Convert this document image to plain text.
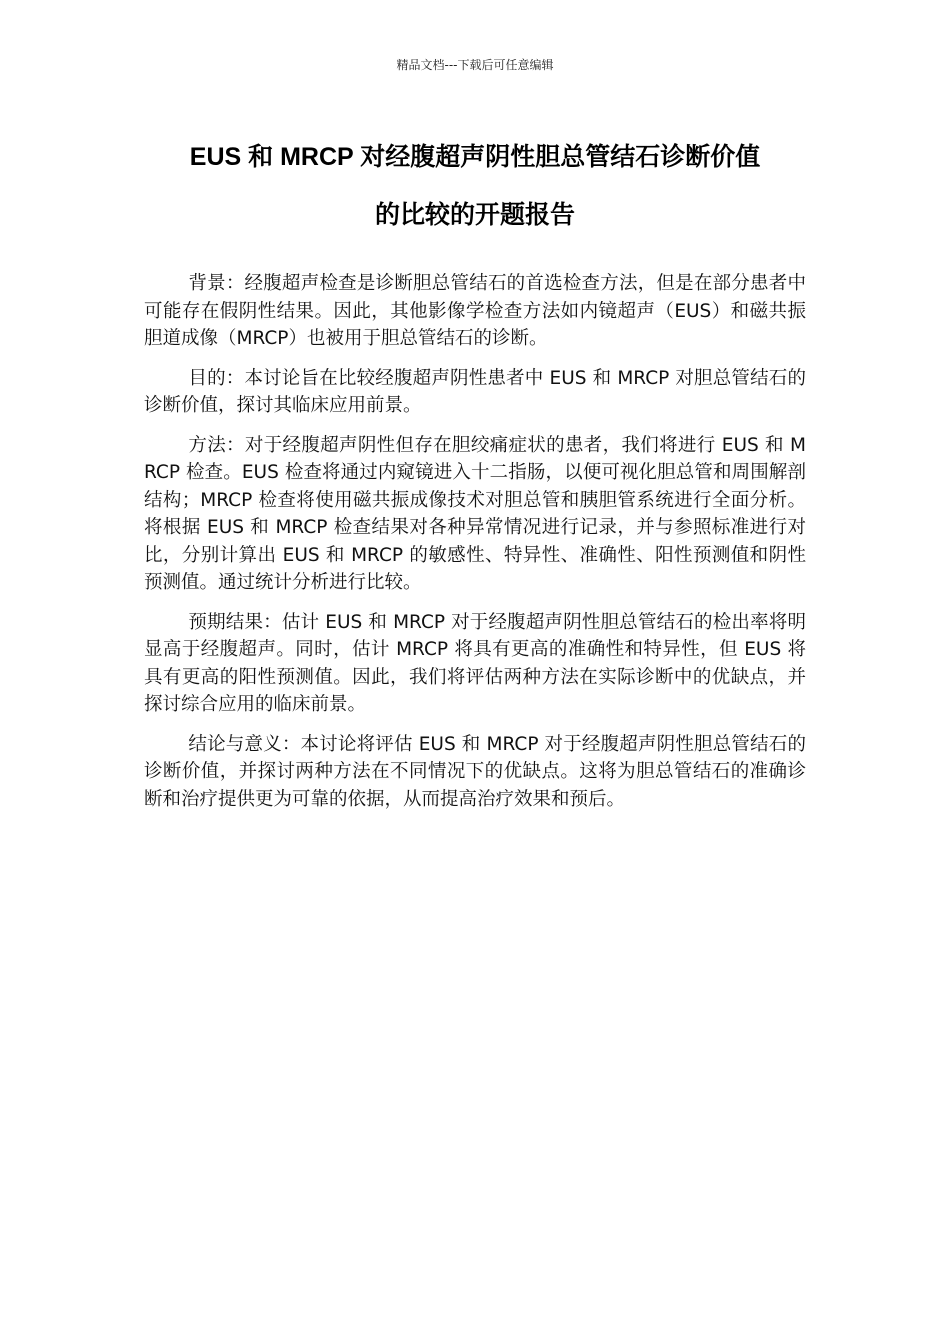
精品文档---下载后可任意编辑
EUS 和 MRCP 对经腹超声阴性胆总管结石诊断价值
的比较的开题报告

背景：经腹超声检查是诊断胆总管结石的首选检查方法，但是在部分患者中可能存在假阴性结果。因此，其他影像学检查方法如内镜超声（EUS）和磁共振胆道成像（MRCP）也被用于胆总管结石的诊断。

目的：本讨论旨在比较经腹超声阴性患者中 EUS 和 MRCP 对胆总管结石的诊断价值，探讨其临床应用前景。

方法：对于经腹超声阴性但存在胆绞痛症状的患者，我们将进行 EUS 和 MRCP 检查。EUS 检查将通过内窥镜进入十二指肠，以便可视化胆总管和周围解剖结构；MRCP 检查将使用磁共振成像技术对胆总管和胰胆管系统进行全面分析。将根据 EUS 和 MRCP 检查结果对各种异常情况进行记录，并与参照标准进行对比，分别计算出 EUS 和 MRCP 的敏感性、特异性、准确性、阳性预测值和阴性预测值。通过统计分析进行比较。

预期结果：估计 EUS 和 MRCP 对于经腹超声阴性胆总管结石的检出率将明显高于经腹超声。同时，估计 MRCP 将具有更高的准确性和特异性，但 EUS 将具有更高的阳性预测值。因此，我们将评估两种方法在实际诊断中的优缺点，并探讨综合应用的临床前景。

结论与意义：本讨论将评估 EUS 和 MRCP 对于经腹超声阴性胆总管结石的诊断价值，并探讨两种方法在不同情况下的优缺点。这将为胆总管结石的准确诊断和治疗提供更为可靠的依据，从而提高治疗效果和预后。
